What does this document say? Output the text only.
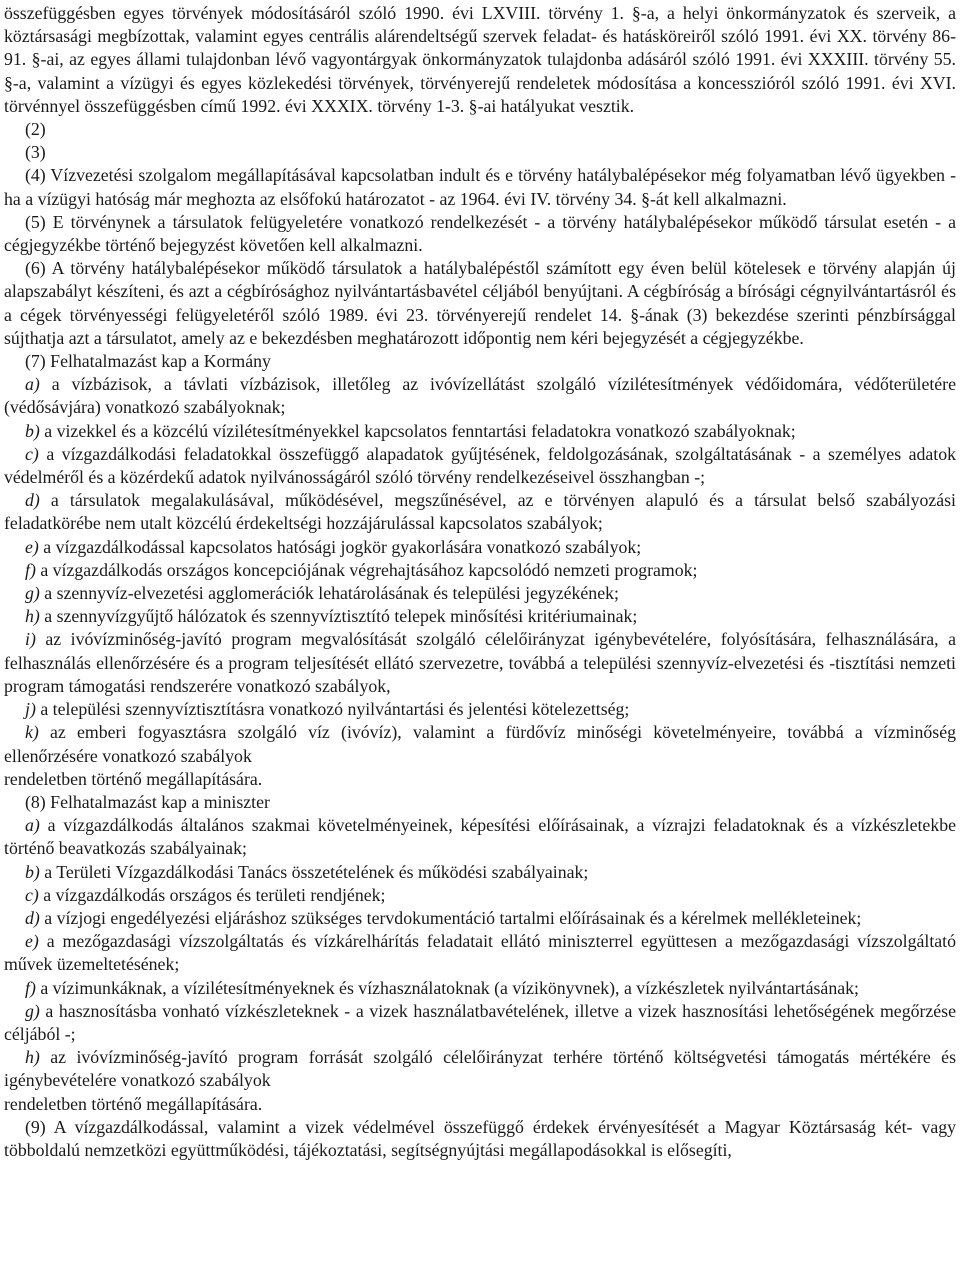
összefüggésben egyes törvények módosításáról szóló 1990. évi LXVIII. törvény 1. §-a, a helyi önkormányzatok és szerveik, a köztársasági megbízottak, valamint egyes centrális alárendeltségű szervek feladat- és hatásköreiről szóló 1991. évi XX. törvény 86-91. §-ai, az egyes állami tulajdonban lévő vagyontárgyak önkormányzatok tulajdonba adásáról szóló 1991. évi XXXIII. törvény 55. §-a, valamint a vízügyi és egyes közlekedési törvények, törvényerejű rendeletek módosítása a koncesszióról szóló 1991. évi XVI. törvénnyel összefüggésben című 1992. évi XXXIX. törvény 1-3. §-ai hatályukat vesztik.

(2)

(3)

(4) Vízvezetési szolgalom megállapításával kapcsolatban indult és e törvény hatálybalépésekor még folyamatban lévő ügyekben - ha a vízügyi hatóság már meghozta az elsőfokú határozatot - az 1964. évi IV. törvény 34. §-át kell alkalmazni.

(5) E törvénynek a társulatok felügyeletére vonatkozó rendelkezését - a törvény hatálybalépésekor működő társulat esetén - a cégjegyzékbe történő bejegyzést követően kell alkalmazni.

(6) A törvény hatálybalépésekor működő társulatok a hatálybalépéstől számított egy éven belül kötelesek e törvény alapján új alapszabályt készíteni, és azt a cégbírósághoz nyilvántartásbavétel céljából benyújtani. A cégbíróság a bírósági cégnyilvántartásról és a cégek törvényességi felügyeletéről szóló 1989. évi 23. törvényerejű rendelet 14. §-ának (3) bekezdése szerinti pénzbírsággal sújthatja azt a társulatot, amely az e bekezdésben meghatározott időpontig nem kéri bejegyzését a cégjegyzékbe.

(7) Felhatalmazást kap a Kormány

a) a vízbázisok, a távlati vízbázisok, illetőleg az ivóvízellátást szolgáló vízilétesítmények védőidomára, védőterületére (védősávjára) vonatkozó szabályoknak;

b) a vizekkel és a közcélú vízilétesítményekkel kapcsolatos fenntartási feladatokra vonatkozó szabályoknak;

c) a vízgazdálkodási feladatokkal összefüggő alapadatok gyűjtésének, feldolgozásának, szolgáltatásának - a személyes adatok védelméről és a közérdekű adatok nyilvánosságáról szóló törvény rendelkezéseivel összhangban -;

d) a társulatok megalakulásával, működésével, megszűnésével, az e törvényen alapuló és a társulat belső szabályozási feladatkörébe nem utalt közcélú érdekeltségi hozzájárulással kapcsolatos szabályok;

e) a vízgazdálkodással kapcsolatos hatósági jogkör gyakorlására vonatkozó szabályok;

f) a vízgazdálkodás országos koncepciójának végrehajtásához kapcsolódó nemzeti programok;

g) a szennyvíz-elvezetési agglomerációk lehatárolásának és települési jegyzékének;

h) a szennyvízgyűjtő hálózatok és szennyvíztisztító telepek minősítési kritériumainak;

i) az ivóvízminőség-javító program megvalósítását szolgáló célelőirányzat igénybevételére, folyósítására, felhasználására, a felhasználás ellenőrzésére és a program teljesítését ellátó szervezetre, továbbá a települési szennyvíz-elvezetési és -tisztítási nemzeti program támogatási rendszerére vonatkozó szabályok,

j) a települési szennyvíztisztításra vonatkozó nyilvántartási és jelentési kötelezettség;

k) az emberi fogyasztásra szolgáló víz (ivóvíz), valamint a fürdővíz minőségi követelményeire, továbbá a vízminőség ellenőrzésére vonatkozó szabályok

rendeletben történő megállapítására.

(8) Felhatalmazást kap a miniszter

a) a vízgazdálkodás általános szakmai követelményeinek, képesítési előírásainak, a vízrajzi feladatoknak és a vízkészletekbe történő beavatkozás szabályainak;

b) a Területi Vízgazdálkodási Tanács összetételének és működési szabályainak;

c) a vízgazdálkodás országos és területi rendjének;

d) a vízjogi engedélyezési eljáráshoz szükséges tervdokumentáció tartalmi előírásainak és a kérelmek mellékleteinek;

e) a mezőgazdasági vízszolgáltatás és vízkárelhárítás feladatait ellátó miniszterrel együttesen a mezőgazdasági vízszolgáltató művek üzemeltetésének;

f) a vízimunkáknak, a vízilétesítményeknek és vízhasználatoknak (a vízikönyvnek), a vízkészletek nyilvántartásának;

g) a hasznosításba vonható vízkészleteknek - a vizek használatbavételének, illetve a vizek hasznosítási lehetőségének megőrzése céljából -;

h) az ivóvízminőség-javító program forrását szolgáló célelőirányzat terhére történő költségvetési támogatás mértékére és igénybevételére vonatkozó szabályok

rendeletben történő megállapítására.

(9) A vízgazdálkodással, valamint a vizek védelmével összefüggő érdekek érvényesítését a Magyar Köztársaság két- vagy többoldalú nemzetközi együttműködési, tájékoztatási, segítségnyújtási megállapodásokkal is elősegíti,
